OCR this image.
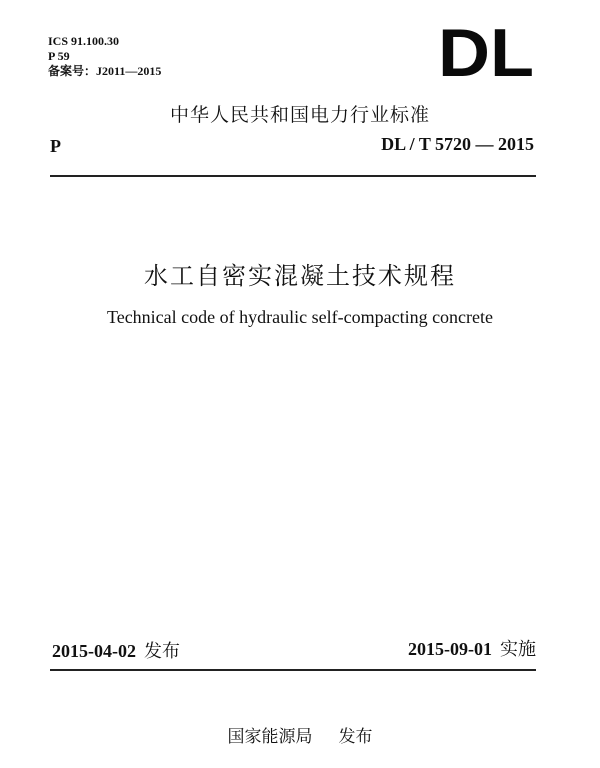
ICS 91.100.30
P 59
备案号：J2011—2015	DL
中华人民共和国电力行业标准
P	DL / T 5720 — 2015
水工自密实混凝土技术规程
Technical code of hydraulic self-compacting concrete
2015-04-02 发布	2015-09-01 实施
国家能源局 发布
